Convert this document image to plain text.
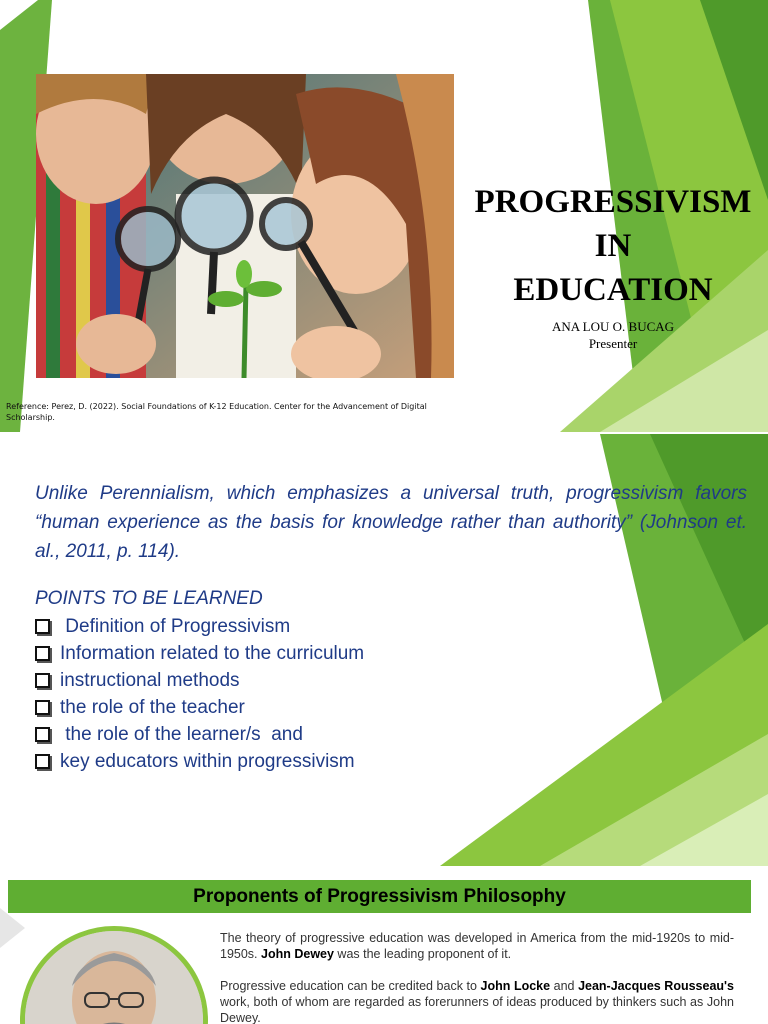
PROGRESSIVISM
IN
EDUCATION
ANA LOU O. BUCAG
Presenter
Reference: Perez, D. (2022). Social Foundations of K-12 Education. Center for the Advancement of Digital Scholarship.
Unlike Perennialism, which emphasizes a universal truth, progressivism favors “human experience as the basis for knowledge rather than authority” (Johnson et. al., 2011, p. 114).
POINTS TO BE LEARNED
Definition of Progressivism
Information related to the curriculum
instructional methods
the role of the teacher
the role of the learner/s  and
key educators within progressivism
Proponents of Progressivism Philosophy

The theory of progressive education was developed in America from the mid-1920s to mid-1950s. John Dewey was the leading proponent of it.

Progressive education can be credited back to John Locke and Jean-Jacques Rousseau's work, both of whom are regarded as forerunners of ideas produced by thinkers such as John Dewey.
